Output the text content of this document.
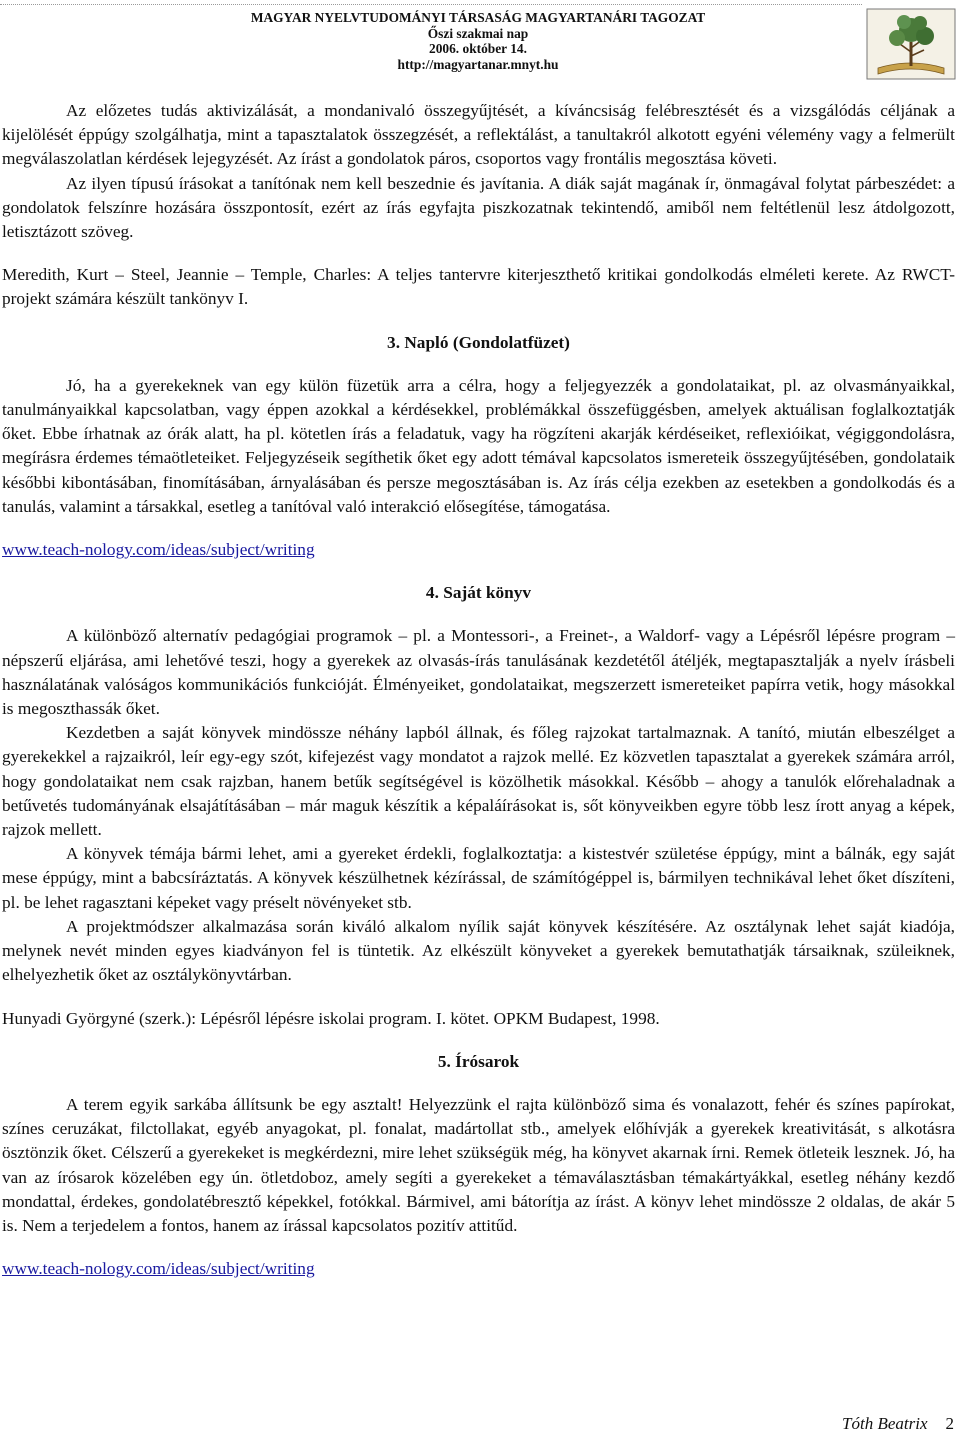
MAGYAR NYELVTUDOMÁNYI TÁRSASÁG MAGYARTANÁRI TAGOZAT
Őszi szakmai nap
2006. október 14.
http://magyartanar.mnyt.hu

Az előzetes tudás aktivizálását, a mondanivaló összegyűjtését, a kíváncsiság felébresztését és a vizsgálódás céljának a kijelölését éppúgy szolgálhatja, mint a tapasztalatok összegzését, a reflektálást, a tanultakról alkotott egyéni vélemény vagy a felmerült megválaszolatlan kérdések lejegyzését. Az írást a gondolatok páros, csoportos vagy frontális megosztása követi.

Az ilyen típusú írásokat a tanítónak nem kell beszednie és javítania. A diák saját magának ír, önmagával folytat párbeszédet: a gondolatok felszínre hozására összpontosít, ezért az írás egyfajta piszkozatnak tekintendő, amiből nem feltétlenül lesz átdolgozott, letisztázott szöveg.

Meredith, Kurt – Steel, Jeannie – Temple, Charles: A teljes tantervre kiterjeszthető kritikai gondolkodás elméleti kerete. Az RWCT-projekt számára készült tankönyv I.

3. Napló (Gondolatfüzet)

Jó, ha a gyerekeknek van egy külön füzetük arra a célra, hogy a feljegyezzék a gondolataikat, pl. az olvasmányaikkal, tanulmányaikkal kapcsolatban, vagy éppen azokkal a kérdésekkel, problémákkal összefüggésben, amelyek aktuálisan foglalkoztatják őket. Ebbe írhatnak az órák alatt, ha pl. kötetlen írás a feladatuk, vagy ha rögzíteni akarják kérdéseiket, reflexióikat, végiggondolásra, megírásra érdemes témaötleteiket. Feljegyzéseik segíthetik őket egy adott témával kapcsolatos ismereteik összegyűjtésében, gondolataik későbbi kibontásában, finomításában, árnyalásában és persze megosztásában is. Az írás célja ezekben az esetekben a gondolkodás és a tanulás, valamint a társakkal, esetleg a tanítóval való interakció elősegítése, támogatása.

www.teach-nology.com/ideas/subject/writing

4. Saját könyv

A különböző alternatív pedagógiai programok – pl. a Montessori-, a Freinet-, a Waldorf- vagy a Lépésről lépésre program – népszerű eljárása, ami lehetővé teszi, hogy a gyerekek az olvasás-írás tanulásának kezdetétől átéljék, megtapasztalják a nyelv írásbeli használatának valóságos kommunikációs funkcióját. Élményeiket, gondolataikat, megszerzett ismereteiket papírra vetik, hogy másokkal is megoszthassák őket.

Kezdetben a saját könyvek mindössze néhány lapból állnak, és főleg rajzokat tartalmaznak. A tanító, miután elbeszélget a gyerekekkel a rajzaikról, leír egy-egy szót, kifejezést vagy mondatot a rajzok mellé. Ez közvetlen tapasztalat a gyerekek számára arról, hogy gondolataikat nem csak rajzban, hanem betűk segítségével is közölhetik másokkal. Később – ahogy a tanulók előrehaladnak a betűvetés tudományának elsajátításában – már maguk készítik a képaláírásokat is, sőt könyveikben egyre több lesz írott anyag a képek, rajzok mellett.

A könyvek témája bármi lehet, ami a gyereket érdekli, foglalkoztatja: a kistestvér születése éppúgy, mint a bálnák, egy saját mese éppúgy, mint a babcsíráztatás. A könyvek készülhetnek kézírással, de számítógéppel is, bármilyen technikával lehet őket díszíteni, pl. be lehet ragasztani képeket vagy préselt növényeket stb.

A projektmódszer alkalmazása során kiváló alkalom nyílik saját könyvek készítésére. Az osztálynak lehet saját kiadója, melynek nevét minden egyes kiadványon fel is tüntetik. Az elkészült könyveket a gyerekek bemutathatják társaiknak, szüleiknek, elhelyezhetik őket az osztálykönyvtárban.

Hunyadi Györgyné (szerk.): Lépésről lépésre iskolai program. I. kötet. OPKM Budapest, 1998.

5. Írósarok

A terem egyik sarkába állítsunk be egy asztalt! Helyezzünk el rajta különböző sima és vonalazott, fehér és színes papírokat, színes ceruzákat, filctollakat, egyéb anyagokat, pl. fonalat, madártollat stb., amelyek előhívják a gyerekek kreativitását, s alkotásra ösztönzik őket. Célszerű a gyerekeket is megkérdezni, mire lehet szükségük még, ha könyvet akarnak írni. Remek ötleteik lesznek. Jó, ha van az írósarok közelében egy ún. ötletdoboz, amely segíti a gyerekeket a témaválasztásban témakártyákkal, esetleg néhány kezdő mondattal, érdekes, gondolatébresztő képekkel, fotókkal. Bármivel, ami bátorítja az írást. A könyv lehet mindössze 2 oldalas, de akár 5 is. Nem a terjedelem a fontos, hanem az írással kapcsolatos pozitív attitűd.

www.teach-nology.com/ideas/subject/writing

Tóth Beatrix 2
